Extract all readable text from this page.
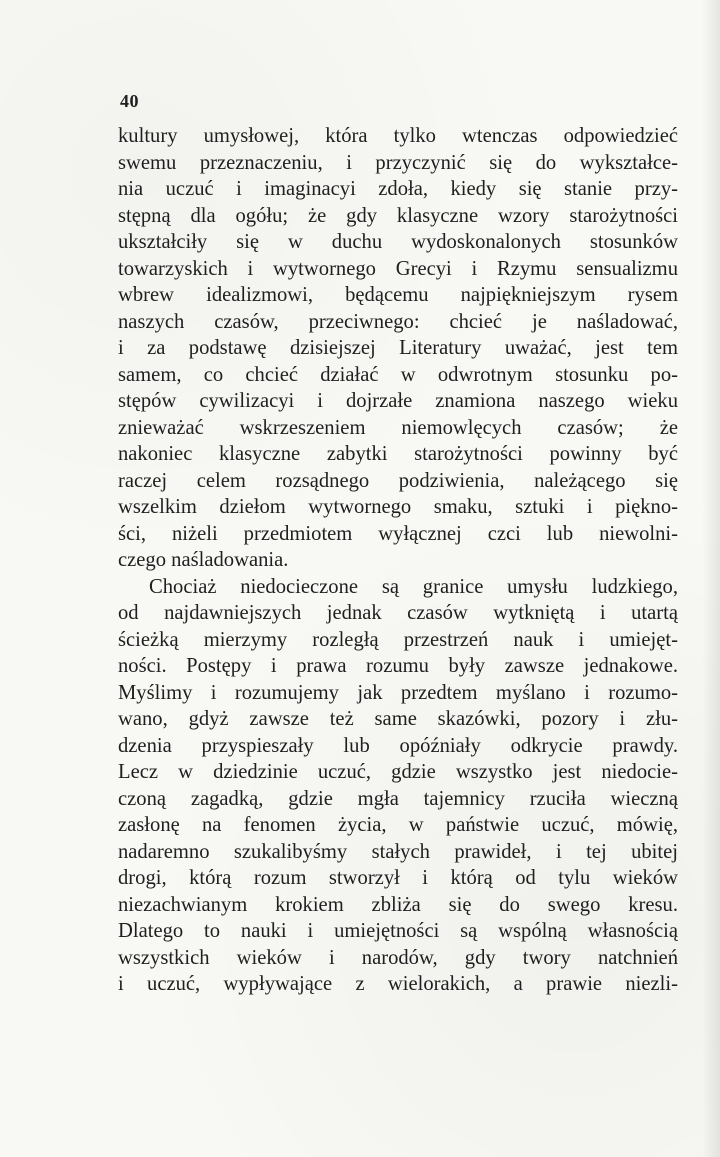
40
kultury umysłowej, która tylko wtenczas odpowiedzieć
swemu przeznaczeniu, i przyczynić się do wykształce-
nia uczuć i imaginacyi zdoła, kiedy się stanie przy-
stępną dla ogółu; że gdy klasyczne wzory starożytności
ukształciły się w duchu wydoskonalonych stosunków
towarzyskich i wytwornego Grecyi i Rzymu sensualizmu
wbrew idealizmowi, będącemu najpiękniejszym rysem
naszych czasów, przeciwnego: chcieć je naśladować,
i za podstawę dzisiejszej Literatury uważać, jest tem
samem, co chcieć działać w odwrotnym stosunku po-
stępów cywilizacyi i dojrzałe znamiona naszego wieku
znieważać wskrzeszeniem niemowlęcych czasów; że
nakoniec klasyczne zabytki starożytności powinny być
raczej celem rozsądnego podziwienia, należącego się
wszelkim dziełom wytwornego smaku, sztuki i piękno-
ści, niżeli przedmiotem wyłącznej czci lub niewolni-
czego naśladowania.
Chociaż niedocieczone są granice umysłu ludzkiego,
od najdawniejszych jednak czasów wytkniętą i utartą
ścieżką mierzymy rozległą przestrzeń nauk i umiejęt-
ności. Postępy i prawa rozumu były zawsze jednakowe.
Myślimy i rozumujemy jak przedtem myślano i rozumo-
wano, gdyż zawsze też same skazówki, pozory i złu-
dzenia przyspieszały lub opóźniały odkrycie prawdy.
Lecz w dziedzinie uczuć, gdzie wszystko jest niedocie-
czoną zagadką, gdzie mgła tajemnicy rzuciła wieczną
zasłonę na fenomen życia, w państwie uczuć, mówię,
nadaremno szukalibyśmy stałych prawideł, i tej ubitej
drogi, którą rozum stworzył i którą od tylu wieków
niezachwianym krokiem zbliża się do swego kresu.
Dlatego to nauki i umiejętności są wspólną własnością
wszystkich wieków i narodów, gdy twory natchnień
i uczuć, wypływające z wielorakich, a prawie niezli-
